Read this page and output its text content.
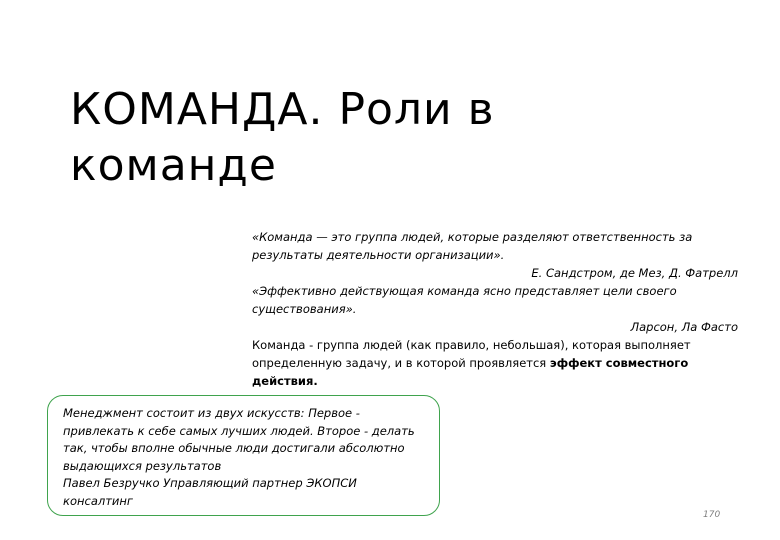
КОМАНДА. Роли в
команде

«Команда — это группа людей, которые разделяют ответственность за результаты деятельности организации».

Е. Сандстром, де Мез, Д. Фатрелл

«Эффективно действующая команда ясно представляет цели своего существования».

Ларсон, Ла Фасто

Команда - группа людей (как правило, небольшая), которая выполняет определенную задачу, и в которой проявляется эффект совместного действия.

Менеджмент состоит из двух искусств: Первое - привлекать к себе самых лучших людей. Второе - делать так, чтобы вполне обычные люди достигали абсолютно выдающихся результатов

Павел Безручко Управляющий партнер ЭКОПСИ консалтинг

170
